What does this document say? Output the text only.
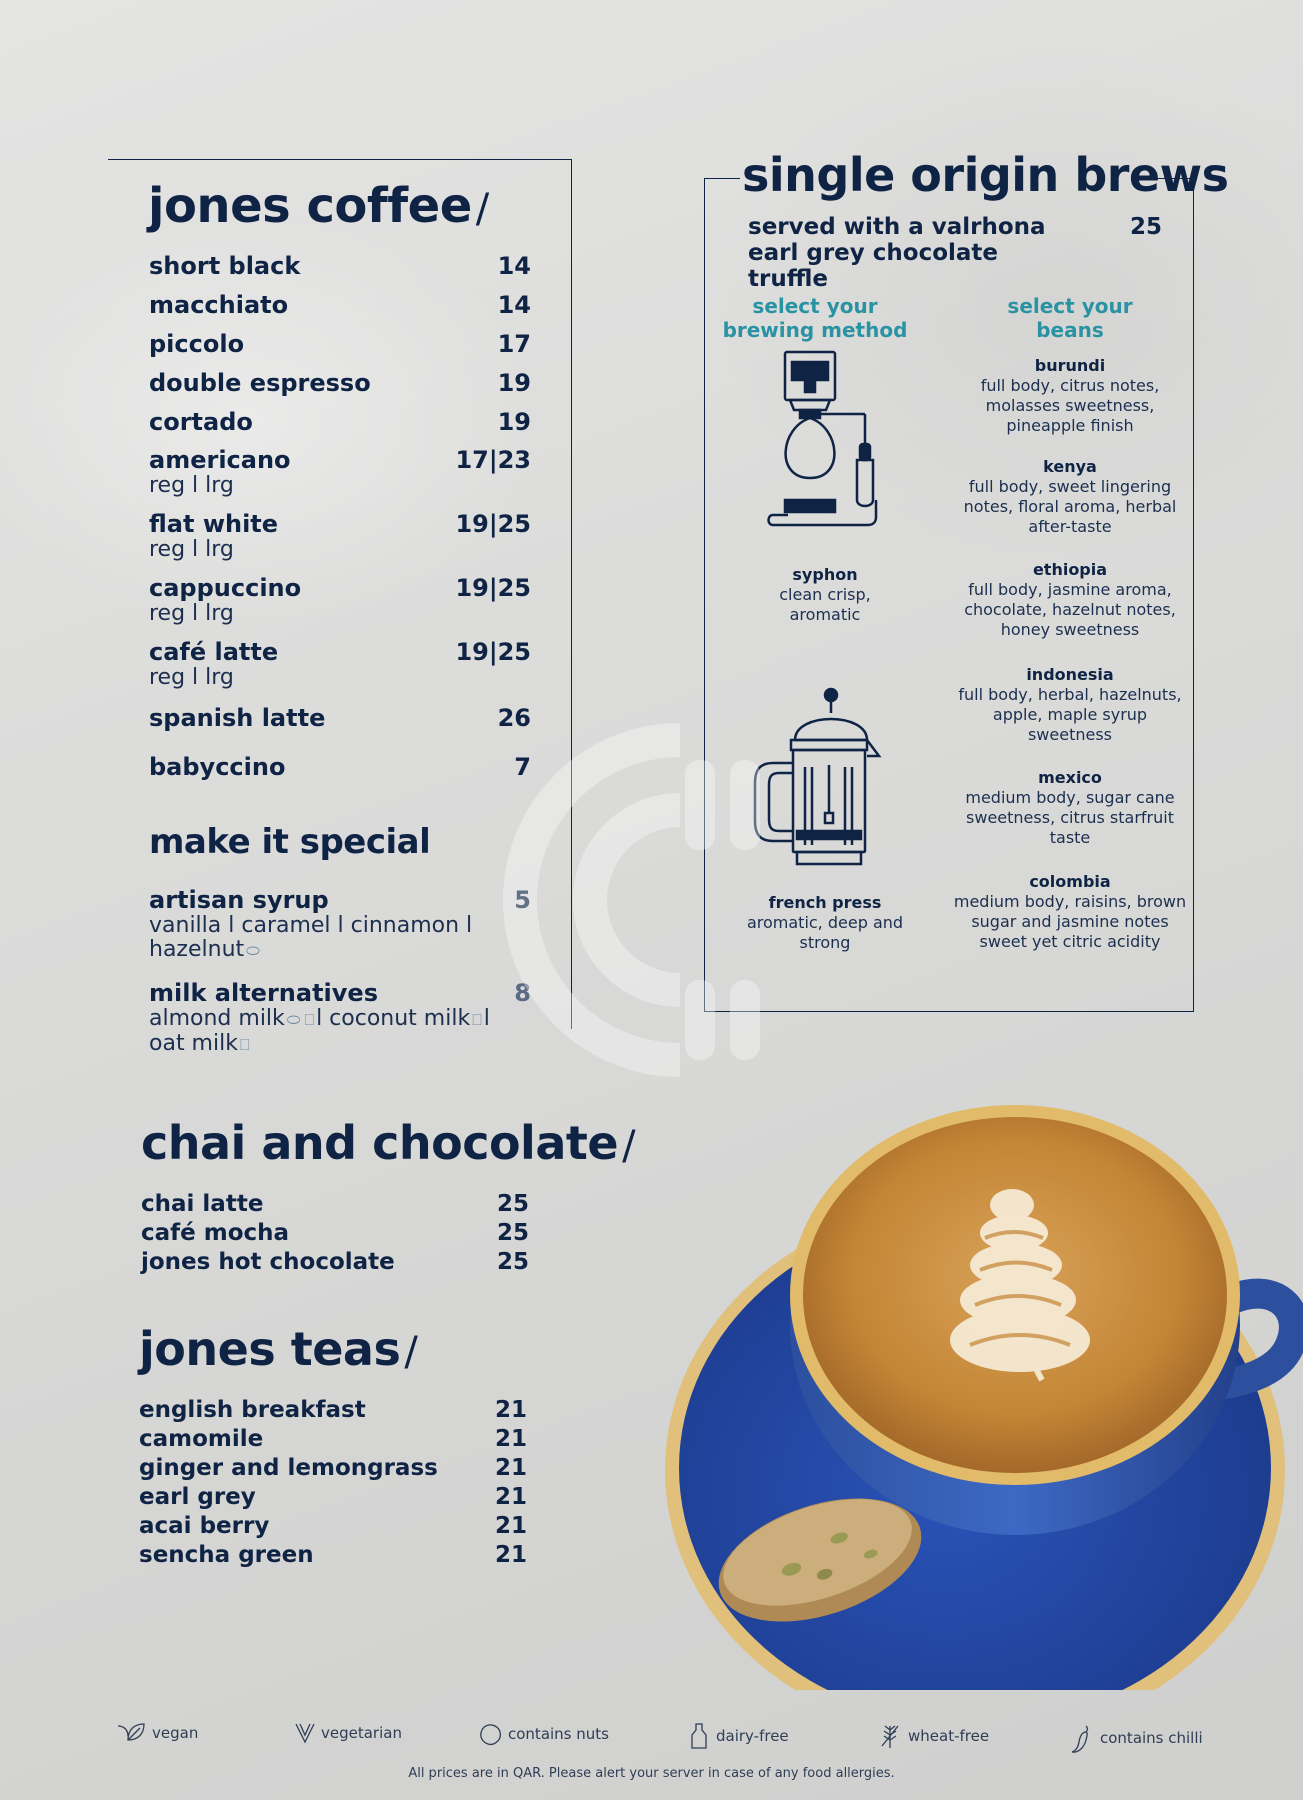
jones coffee /
short black	14
macchiato	14
piccolo	17
double espresso	19
cortado	19
americano	17|23
reg l lrg
flat white	19|25
reg l lrg
cappuccino	19|25
reg l lrg
café latte	19|25
reg l lrg
spanish latte	26
babyccino	7
make it special
artisan syrup	5
vanilla l caramel l cinnamon l
hazelnut ⬭
milk alternatives	8
almond milk ⬭ ⎕l coconut milk ⎕l
oat milk ⎕
single origin brews
served with a valrhona earl grey chocolate truffle
25
select your brewing method
select your beans
syphon
clean crisp, aromatic
french press
aromatic, deep and strong
burundi
full body, citrus notes, molasses sweetness, pineapple finish
kenya
full body, sweet lingering notes, floral aroma, herbal after-taste
ethiopia
full body, jasmine aroma, chocolate, hazelnut notes, honey sweetness
indonesia
full body, herbal, hazelnuts, apple, maple syrup sweetness
mexico
medium body, sugar cane sweetness, citrus starfruit taste
colombia
medium body, raisins, brown sugar and jasmine notes sweet yet citric acidity
chai and chocolate /
chai latte	25
café mocha	25
jones hot chocolate	25
jones teas /
english breakfast	21
camomile	21
ginger and lemongrass 21
earl grey	21
acai berry	21
sencha green	21
vegan	vegetarian	contains nuts	dairy-free	wheat-free	contains chilli
All prices are in QAR. Please alert your server in case of any food allergies.
